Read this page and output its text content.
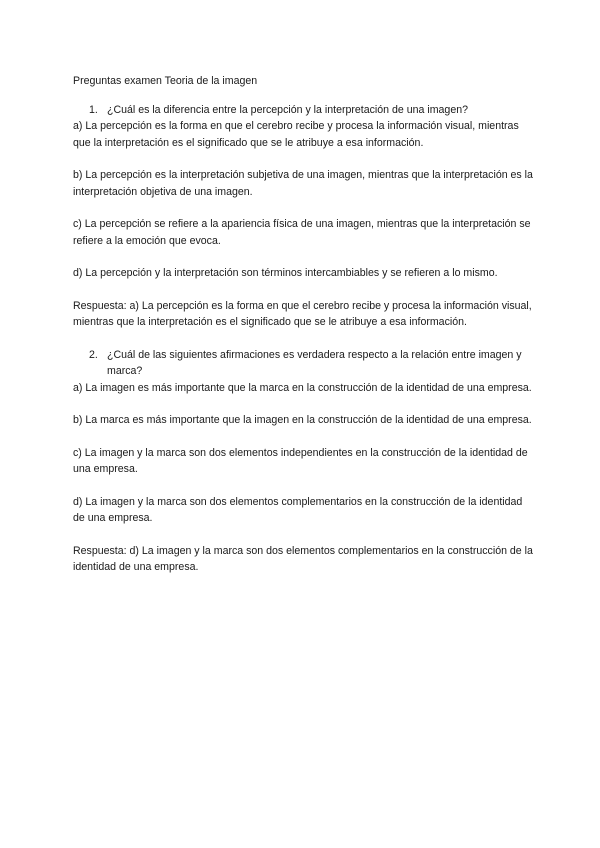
Preguntas examen Teoria de la imagen

1. ¿Cuál es la diferencia entre la percepción y la interpretación de una imagen?

a) La percepción es la forma en que el cerebro recibe y procesa la información visual, mientras que la interpretación es el significado que se le atribuye a esa información.

b) La percepción es la interpretación subjetiva de una imagen, mientras que la interpretación es la interpretación objetiva de una imagen.

c) La percepción se refiere a la apariencia física de una imagen, mientras que la interpretación se refiere a la emoción que evoca.

d) La percepción y la interpretación son términos intercambiables y se refieren a lo mismo.

Respuesta: a) La percepción es la forma en que el cerebro recibe y procesa la información visual, mientras que la interpretación es el significado que se le atribuye a esa información.

2. ¿Cuál de las siguientes afirmaciones es verdadera respecto a la relación entre imagen y marca?

a) La imagen es más importante que la marca en la construcción de la identidad de una empresa.

b) La marca es más importante que la imagen en la construcción de la identidad de una empresa.

c) La imagen y la marca son dos elementos independientes en la construcción de la identidad de una empresa.

d) La imagen y la marca son dos elementos complementarios en la construcción de la identidad de una empresa.

Respuesta: d) La imagen y la marca son dos elementos complementarios en la construcción de la identidad de una empresa.
